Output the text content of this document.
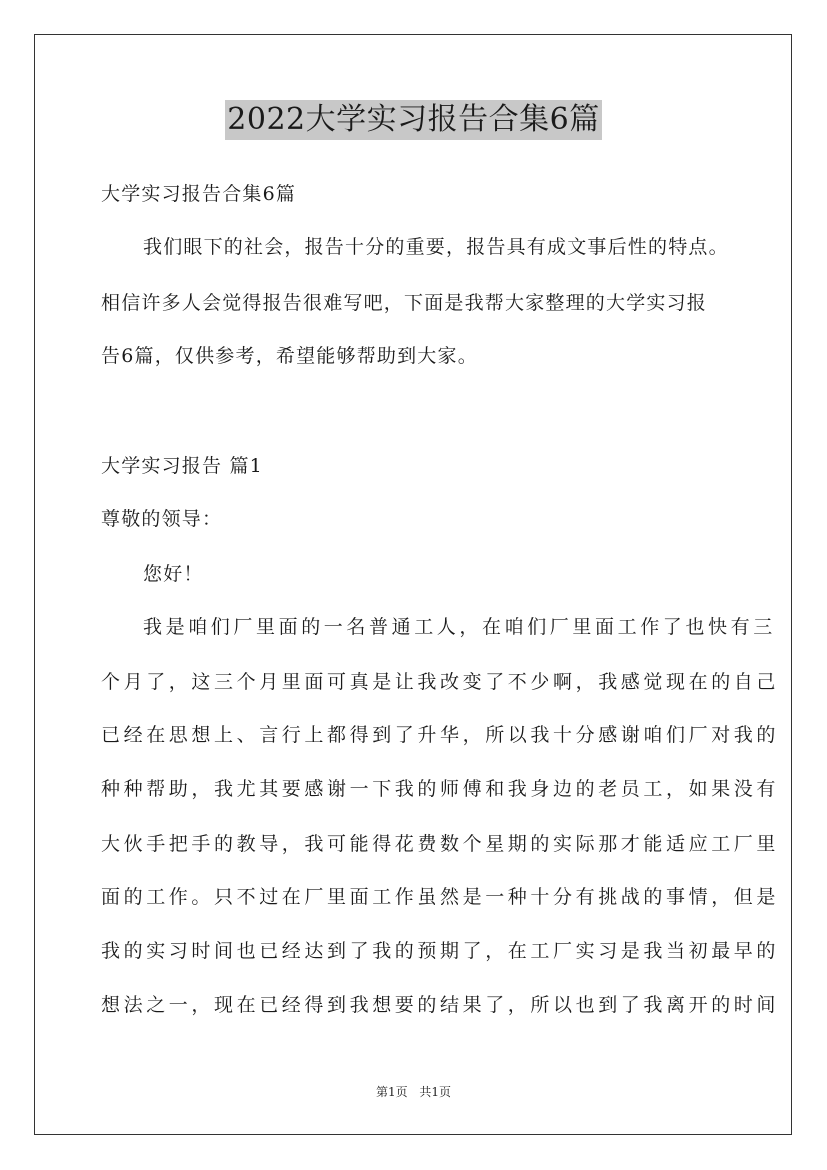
2022大学实习报告合集6篇
大学实习报告合集6篇
我们眼下的社会，报告十分的重要，报告具有成文事后性的特点。
相信许多人会觉得报告很难写吧，下面是我帮大家整理的大学实习报
告6篇，仅供参考，希望能够帮助到大家。
大学实习报告 篇1
尊敬的领导：
您好！
我是咱们厂里面的一名普通工人，在咱们厂里面工作了也快有三
个月了，这三个月里面可真是让我改变了不少啊，我感觉现在的自己
已经在思想上、言行上都得到了升华，所以我十分感谢咱们厂对我的
种种帮助，我尤其要感谢一下我的师傅和我身边的老员工，如果没有
大伙手把手的教导，我可能得花费数个星期的实际那才能适应工厂里
面的工作。只不过在厂里面工作虽然是一种十分有挑战的事情，但是
我的实习时间也已经达到了我的预期了，在工厂实习是我当初最早的
想法之一，现在已经得到我想要的结果了，所以也到了我离开的时间
第1页 共1页
